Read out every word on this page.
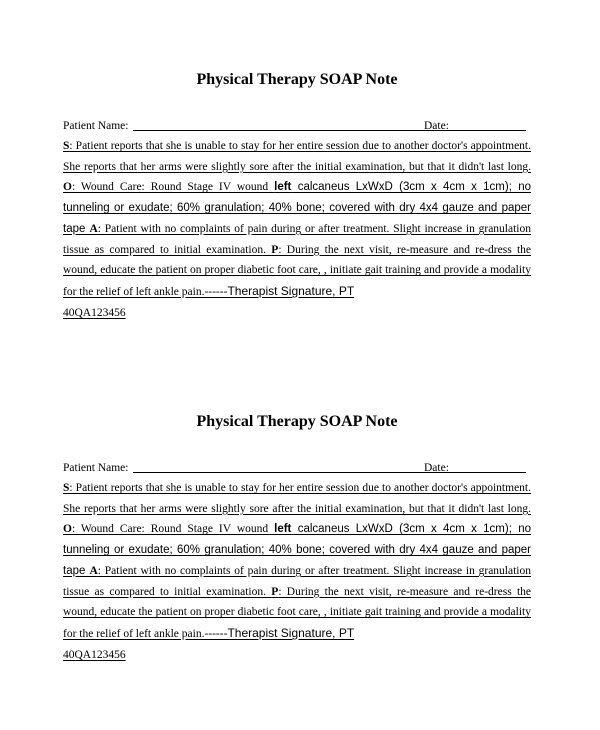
Physical Therapy SOAP Note
Patient Name:	Date:

S: Patient reports that she is unable to stay for her entire session due to another doctor's appointment. She reports that her arms were slightly sore after the initial examination, but that it didn't last long. O: Wound Care: Round Stage IV wound left calcaneus LxWxD (3cm x 4cm x 1cm); no tunneling or exudate; 60% granulation; 40% bone; covered with dry 4x4 gauze and paper tape A: Patient with no complaints of pain during or after treatment. Slight increase in granulation tissue as compared to initial examination. P: During the next visit, re-measure and re-dress the wound, educate the patient on proper diabetic foot care, , initiate gait training and provide a modality for the relief of left ankle pain.------Therapist Signature, PT

40QA123456

Physical Therapy SOAP Note
Patient Name:	Date:

S: Patient reports that she is unable to stay for her entire session due to another doctor's appointment. She reports that her arms were slightly sore after the initial examination, but that it didn't last long. O: Wound Care: Round Stage IV wound left calcaneus LxWxD (3cm x 4cm x 1cm); no tunneling or exudate; 60% granulation; 40% bone; covered with dry 4x4 gauze and paper tape A: Patient with no complaints of pain during or after treatment. Slight increase in granulation tissue as compared to initial examination. P: During the next visit, re-measure and re-dress the wound, educate the patient on proper diabetic foot care, , initiate gait training and provide a modality for the relief of left ankle pain.------Therapist Signature, PT

40QA123456
